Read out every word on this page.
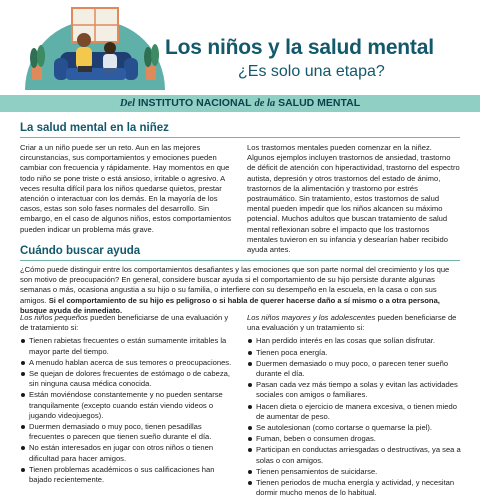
Los niños y la salud mental
¿Es solo una etapa?
Del INSTITUTO NACIONAL de la SALUD MENTAL
La salud mental en la niñez

Criar a un niño puede ser un reto. Aun en las mejores circunstancias, sus comportamientos y emociones pueden cambiar con frecuencia y rápidamente. Hay momentos en que todo niño se pone triste o está ansioso, irritable o agresivo. A veces resulta difícil para los niños quedarse quietos, prestar atención o interactuar con los demás. En la mayoría de los casos, estas son solo fases normales del desarrollo. Sin embargo, en el caso de algunos niños, estos comportamientos pueden indicar un problema más grave.

Los trastornos mentales pueden comenzar en la niñez. Algunos ejemplos incluyen trastornos de ansiedad, trastorno de déficit de atención con hiperactividad, trastorno del espectro autista, depresión y otros trastornos del estado de ánimo, trastornos de la alimentación y trastorno por estrés postraumático. Sin tratamiento, estos trastornos de salud mental pueden impedir que los niños alcancen su máximo potencial. Muchos adultos que buscan tratamiento de salud mental reflexionan sobre el impacto que los trastornos mentales tuvieron en su infancia y desearían haber recibido ayuda antes.

Cuándo buscar ayuda
¿Cómo puede distinguir entre los comportamientos desafiantes y las emociones que son parte normal del crecimiento y los que son motivo de preocupación? En general, considere buscar ayuda si el comportamiento de su hijo persiste durante algunas semanas o más, ocasiona angustia a su hijo o su familia, o interfiere con su desempeño en la escuela, en la casa o con sus amigos. Si el comportamiento de su hijo es peligroso o si habla de querer hacerse daño a sí mismo o a otra persona, busque ayuda de inmediato.

Los niños pequeños pueden beneficiarse de una evaluación y de tratamiento si:

Tienen rabietas frecuentes o están sumamente irritables la mayor parte del tiempo.
A menudo hablan acerca de sus temores o preocupaciones.
Se quejan de dolores frecuentes de estómago o de cabeza, sin ninguna causa médica conocida.
Están moviéndose constantemente y no pueden sentarse tranquilamente (excepto cuando están viendo videos o jugando videojuegos).
Duermen demasiado o muy poco, tienen pesadillas frecuentes o parecen que tienen sueño durante el día.
No están interesados en jugar con otros niños o tienen dificultad para hacer amigos.
Tienen problemas académicos o sus calificaciones han bajado recientemente.

Los niños mayores y los adolescentes pueden beneficiarse de una evaluación y un tratamiento si:

Han perdido interés en las cosas que solían disfrutar.
Tienen poca energía.
Duermen demasiado o muy poco, o parecen tener sueño durante el día.
Pasan cada vez más tiempo a solas y evitan las actividades sociales con amigos o familiares.
Hacen dieta o ejercicio de manera excesiva, o tienen miedo de aumentar de peso.
Se autolesionan (como cortarse o quemarse la piel).
Fuman, beben o consumen drogas.
Participan en conductas arriesgadas o destructivas, ya sea a solas o con amigos.
Tienen pensamientos de suicidarse.
Tienen periodos de mucha energía y actividad, y necesitan dormir mucho menos de lo habitual.
